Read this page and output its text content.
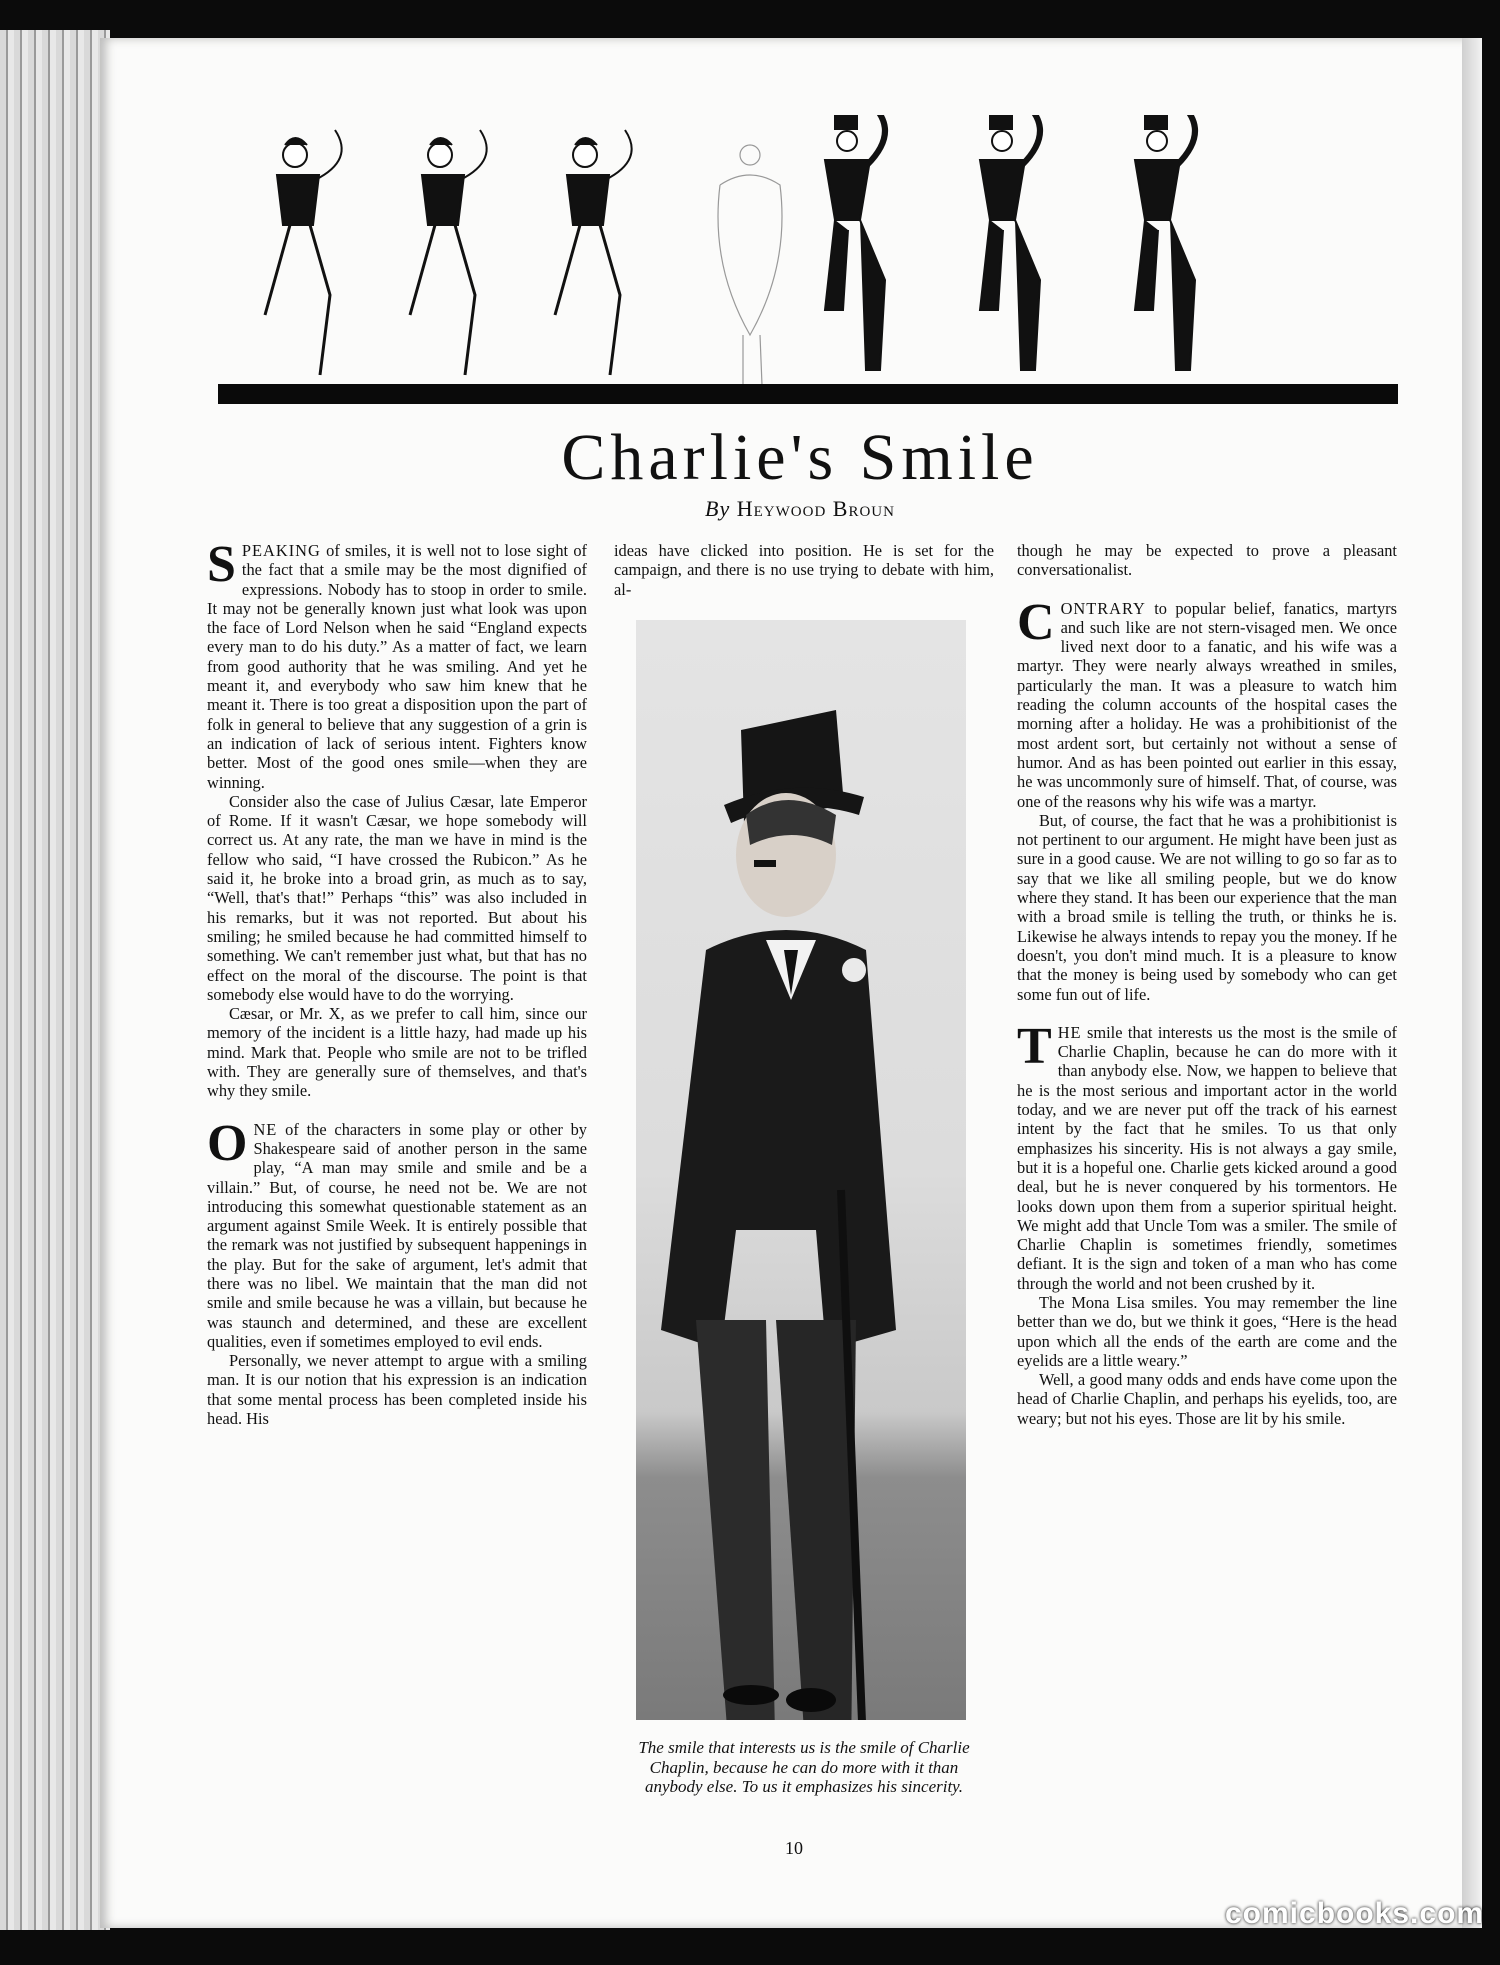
Charlie's Smile
By Heywood Broun

SPEAKING of smiles, it is well not to lose sight of the fact that a smile may be the most dignified of expressions. Nobody has to stoop in order to smile. It may not be generally known just what look was upon the face of Lord Nelson when he said “England expects every man to do his duty.” As a matter of fact, we learn from good authority that he was smiling. And yet he meant it, and everybody who saw him knew that he meant it. There is too great a disposition upon the part of folk in general to believe that any suggestion of a grin is an indication of lack of serious intent. Fighters know better. Most of the good ones smile—when they are winning.

Consider also the case of Julius Cæsar, late Emperor of Rome. If it wasn't Cæsar, we hope somebody will correct us. At any rate, the man we have in mind is the fellow who said, “I have crossed the Rubicon.” As he said it, he broke into a broad grin, as much as to say, “Well, that's that!” Perhaps “this” was also included in his remarks, but it was not reported. But about his smiling; he smiled because he had committed himself to something. We can't remember just what, but that has no effect on the moral of the discourse. The point is that somebody else would have to do the worrying.

Cæsar, or Mr. X, as we prefer to call him, since our memory of the incident is a little hazy, had made up his mind. Mark that. People who smile are not to be trifled with. They are generally sure of themselves, and that's why they smile.

ONE of the characters in some play or other by Shakespeare said of another person in the same play, “A man may smile and smile and be a villain.” But, of course, he need not be. We are not introducing this somewhat questionable statement as an argument against Smile Week. It is entirely possible that the remark was not justified by subsequent happenings in the play. But for the sake of argument, let's admit that there was no libel. We maintain that the man did not smile and smile because he was a villain, but because he was staunch and determined, and these are excellent qualities, even if sometimes employed to evil ends.

Personally, we never attempt to argue with a smiling man. It is our notion that his expression is an indication that some mental process has been completed inside his head. His

ideas have clicked into position. He is set for the campaign, and there is no use trying to debate with him, al-

The smile that interests us is the smile of Charlie Chaplin, because he can do more with it than anybody else. To us it emphasizes his sincerity.

though he may be expected to prove a pleasant conversationalist.

CONTRARY to popular belief, fanatics, martyrs and such like are not stern-visaged men. We once lived next door to a fanatic, and his wife was a martyr. They were nearly always wreathed in smiles, particularly the man. It was a pleasure to watch him reading the column accounts of the hospital cases the morning after a holiday. He was a prohibitionist of the most ardent sort, but certainly not without a sense of humor. And as has been pointed out earlier in this essay, he was uncommonly sure of himself. That, of course, was one of the reasons why his wife was a martyr.

But, of course, the fact that he was a prohibitionist is not pertinent to our argument. He might have been just as sure in a good cause. We are not willing to go so far as to say that we like all smiling people, but we do know where they stand. It has been our experience that the man with a broad smile is telling the truth, or thinks he is. Likewise he always intends to repay you the money. If he doesn't, you don't mind much. It is a pleasure to know that the money is being used by somebody who can get some fun out of life.

THE smile that interests us the most is the smile of Charlie Chaplin, because he can do more with it than anybody else. Now, we happen to believe that he is the most serious and important actor in the world today, and we are never put off the track of his earnest intent by the fact that he smiles. To us that only emphasizes his sincerity. His is not always a gay smile, but it is a hopeful one. Charlie gets kicked around a good deal, but he is never conquered by his tormentors. He looks down upon them from a superior spiritual height. We might add that Uncle Tom was a smiler. The smile of Charlie Chaplin is sometimes friendly, sometimes defiant. It is the sign and token of a man who has come through the world and not been crushed by it.

The Mona Lisa smiles. You may remember the line better than we do, but we think it goes, “Here is the head upon which all the ends of the earth are come and the eyelids are a little weary.”

Well, a good many odds and ends have come upon the head of Charlie Chaplin, and perhaps his eyelids, too, are weary; but not his eyes. Those are lit by his smile.

10
comicbooks.com
